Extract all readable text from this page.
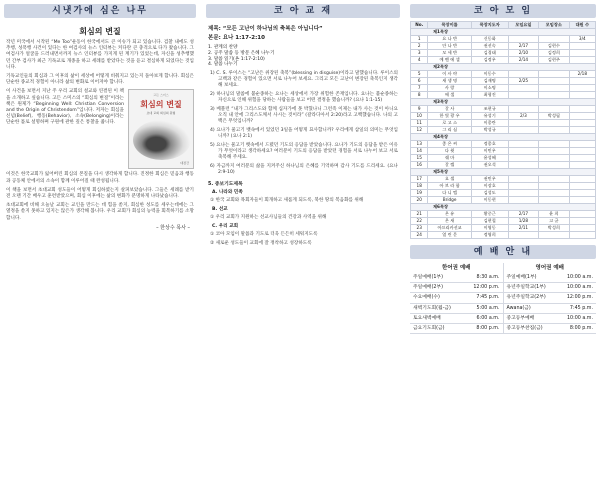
시냇가에 심은 나무
회심의 변질
작년 미국에서 시작된 “Me Too”운동이 한국에서도 큰 이슈가 되고 있습니다. 검찰 내에도 성추행, 성폭행 사건이 있다는 한 여검사의 뉴스 인터뷰는 커다란 큰 충격으로 다가 왔습니다. 그 여검사가 얼굴을 드러내면서까지 뉴스 인터뷰를 가지게 된 계기가 있었는데, 자신을 성추행했던 간부 검사가 최근 기독교로 개종을 하고 세례를 받았다는 것을 듣고 결심하게 되었다는 것입니다.
기독교인들의 회심과 그 이후의 삶이 세상에 어떻게 비춰지고 있는지 돌아보게 합니다. 회심은 단순한 종교적 경험이 아니라 삶의 변화로 이어져야 합니다.
이 사건을 보면서 지난 주 우리 교회의 설교와 연결된 이 책을 소개하고 싶습니다. 고든 스미스의 “회심의 변질”이라는 책은 원제가 “Beginning Well: Christian Conversion and the Origin of Christendom”입니다. 저자는 회심을 신념(Belief), 행동(Behavior), 소속(Belonging)이라는 단순한 틀로 설명하며 구원에 관한 깊은 통찰을 줍니다.
고든 스미스
회심의 변질
초대 교회 회심의 원형
대장간
이것은 한국교회가 잃어버린 회심의 본질을 다시 생각하게 합니다. 진정한 회심은 믿음과 행동과 공동체 안에서의 소속이 함께 이루어질 때 완성됩니다.
이 책을 보면서 초대교회 성도들이 어떻게 회심하였는지 살펴보았습니다. 그들은 세례를 받기 전 오랜 기간 배우고 훈련받았으며, 회심 이후에는 삶의 변화가 분명하게 나타났습니다.
초대교회에 비해 오늘날 교회는 교인을 만드는 데 힘을 쏟지, 회심한 성도를 세우는데에는 그 열정을 쏟지 못하고 있지는 않은가 생각해 봅니다. 우리 교회가 회심의 능력을 회복하기를 소망합니다.
– 한상수 목사 –
코 아 교 재
제목: “모든 고난이 하나님의 축복은 아닙니다”
본문: 요나 1:17-2:10
1. 관계의 찬양
2. 공주 말씀 등 방문 은혜 나누기
3. 말씀 읽기(욘 1:17-2:10)
4. 말씀 나누기
1) C. S. 루이스는 “고난은 위장된 축복”(blessing in disguise)이라고 말했습니다. 루이스의 고백과 같은 경험이 있으면 서로 나누어 보세요. 그리고 모든 고난이 변장된 축복인지 생각해 보세요.
2) 하나님의 말씀에 불순종하는 요나는 세상에서 가장 위험한 존재입니다. 요나는 불순종하는 자신으로 인해 위험을 당하는 사람들을 보고 어떤 결정을 했습니까? (요나 1:1-15)
3) 베블런 “내가 그리스도와 함께 십자가에 못 박혔나니 그런즉 이제는 내가 사는 것이 아니요 오직 내 안에 그리스도께서 사시는 것이라” (갈라디아서 2:20)라고 고백했습니다. 나의 고백은 무엇입니까?
4) 요나가 물고기 뱃속에서 있었던 3일을 어떻게 묘사합니까? 우리에게 삼일의 의미는 무엇입니까? (요나 2:1)
5) 요나는 물고기 뱃속에서 드렸던 기도의 응답을 받았습니다. 요나가 기도의 응답을 받은 이유가 무엇이라고 생각하세요? 여러분이 기도의 응답을 받았던 경험을 서로 나누어 보고 서로 축복해 주세요.
6) 자금까지 여러분의 삶을 지켜주신 하나님의 은혜를 기억하며 감사 기도를 드리세요. (요나 2:9-10)
5. 중보기도제목
A. 나라와 민족
① 한국 교회와 목회자들이 회개하고 새롭게 되도록, 북한 땅의 복음화를 위해
B. 선교
① 우리 교회가 지원하는 선교사님들의 건강과 사역을 위해
C. 우리 교회
① 코아 모임이 말씀과 기도로 더욱 든든히 세워지도록
② 새로운 성도들이 교회에 잘 정착하고 성장하도록
코 아 모 임
No.	목장이름	목장지도자	모임요일	모임장소	대원 수
제1목장					
1	요 나 반	신동화			3/4
2	안 나 반	권선숙	2/17	김현수	
3	모 세 반	김경태	2/10	김정희	
4	예 벤 에 셀	김정우	2/14	김현주	
제2목장					
5	이 사 야	이동수			2/18
6	새 생 명	김재명	2/25		
7	사 랑	이소명			
8	에 셀	최형진			
제3목장					
9	갈 사	조현규			
10	한 빛 광 우	유성기	2/3	박성필	
11	로 고 스	이종란			
12	그 리 심	박성규			
제4목장					
13	좋 은 씨	정종호			
14	다 윗	이민우			
15	쉐 마	윤성혜			
16	갈 렙	권오석			
제5목장					
17	요 셉	권민우			
18	아 브 라 함	이장호			
19	다 니 엘	김성도			
20	Bridge	이동현			
제6목장					
21	온 유	황중근	2/17	윤 희	
22	온 새	김현철	1/28	고 균	
23	아프리카선교	이영동	2/11	박성희	
24	열 린 문	정영희			
예 배 안 내
한어권 예배
주일예배(1부)	8:30 a.m.
주일예배(2부)	12:00 p.m.
수요예배(수)	7:45 p.m.
새벽기도회(월-금)	5:00 a.m.
토요새벽예배	6:00 a.m.
금요기도회(금)	8:00 p.m.
영어권 예배
주일예배(1부)	10:00 a.m.
유년주일학교(1부)	10:00 a.m.
유년주일학교(2부)	12:00 p.m.
Awana(금)	7:45 p.m.
중고등부예배	10:00 a.m.
중고등부찬집(금)	8:00 p.m.
